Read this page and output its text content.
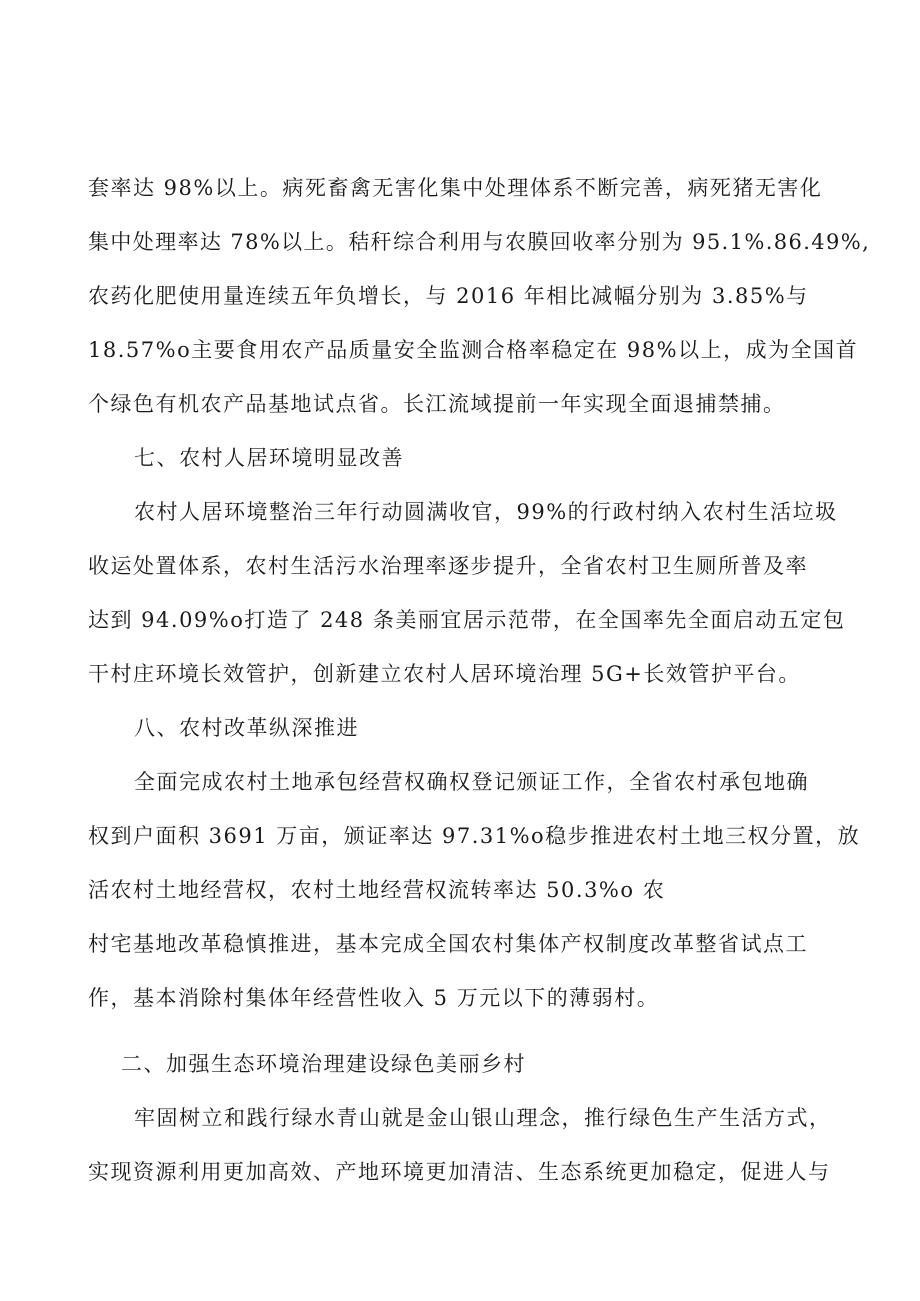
套率达 98%以上。病死畜禽无害化集中处理体系不断完善，病死猪无害化
集中处理率达 78%以上。秸秆综合利用与农膜回收率分别为 95.1%.86.49%,
农药化肥使用量连续五年负增长，与 2016 年相比减幅分别为 3.85%与
18.57%o主要食用农产品质量安全监测合格率稳定在 98%以上，成为全国首
个绿色有机农产品基地试点省。长江流域提前一年实现全面退捕禁捕。
七、农村人居环境明显改善
农村人居环境整治三年行动圆满收官，99%的行政村纳入农村生活垃圾
收运处置体系，农村生活污水治理率逐步提升，全省农村卫生厕所普及率
达到 94.09%o打造了 248 条美丽宜居示范带，在全国率先全面启动五定包
干村庄环境长效管护，创新建立农村人居环境治理 5G+长效管护平台。
八、农村改革纵深推进
全面完成农村土地承包经营权确权登记颁证工作，全省农村承包地确
权到户面积 3691 万亩，颁证率达 97.31%o稳步推进农村土地三权分置，放
活农村土地经营权，农村土地经营权流转率达 50.3%o 农
村宅基地改革稳慎推进，基本完成全国农村集体产权制度改革整省试点工
作，基本消除村集体年经营性收入 5 万元以下的薄弱村。
二、加强生态环境治理建设绿色美丽乡村
牢固树立和践行绿水青山就是金山银山理念，推行绿色生产生活方式，
实现资源利用更加高效、产地环境更加清洁、生态系统更加稳定，促进人与
